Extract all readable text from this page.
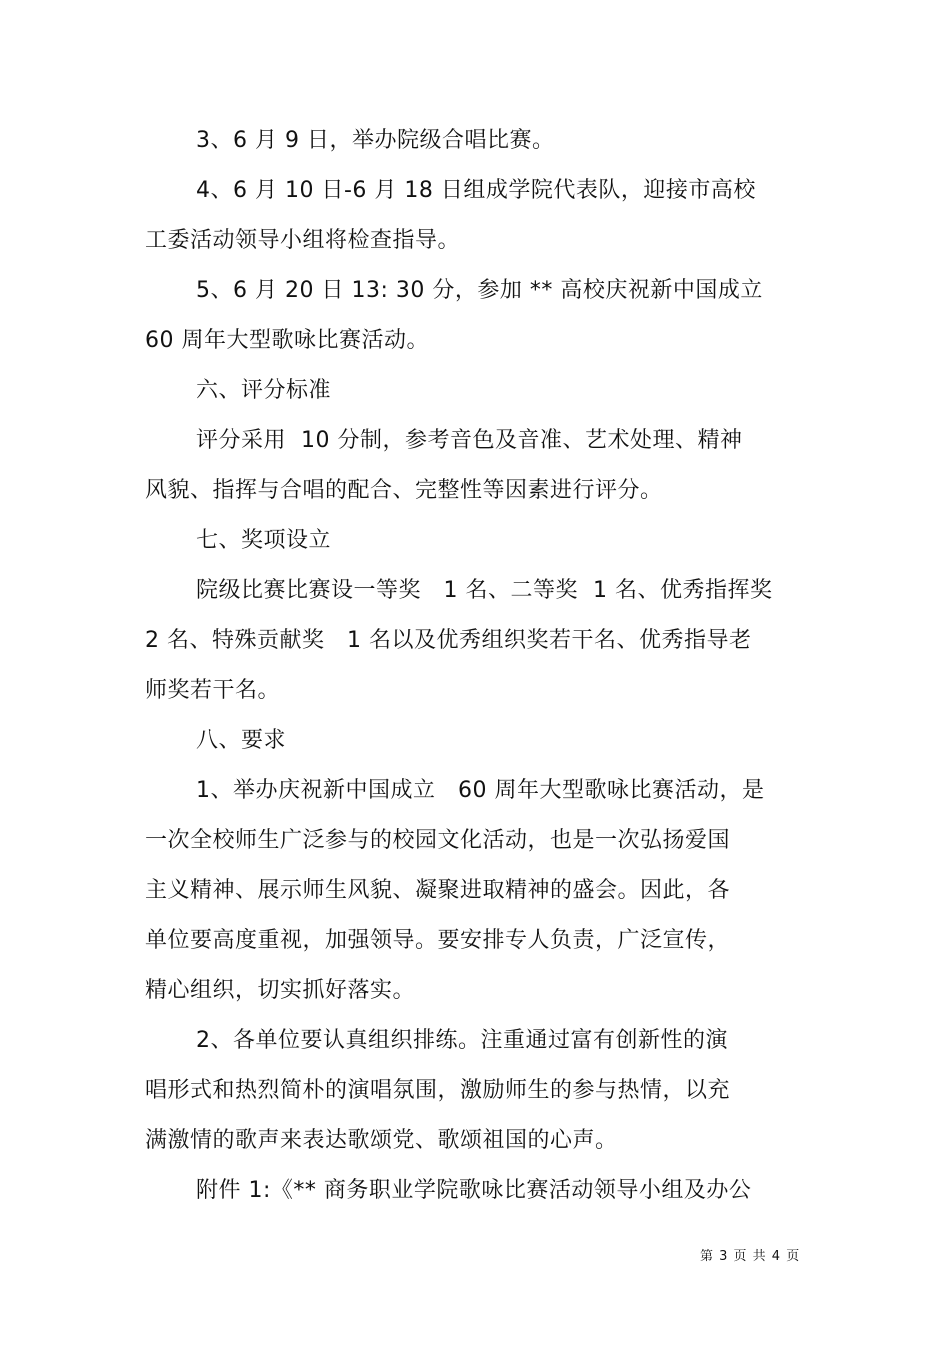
3、6 月 9 日，举办院级合唱比赛。
4、6 月 10 日-6 月 18 日组成学院代表队，迎接市高校
工委活动领导小组将检查指导。
5、6 月 20 日 13: 30 分，参加 ** 高校庆祝新中国成立
60 周年大型歌咏比赛活动。
六、评分标准
评分采用  10 分制，参考音色及音准、艺术处理、精神
风貌、指挥与合唱的配合、完整性等因素进行评分。
七、奖项设立
院级比赛比赛设一等奖   1 名、二等奖  1 名、优秀指挥奖
2 名、特殊贡献奖   1 名以及优秀组织奖若干名、优秀指导老
师奖若干名。
八、要求
1、举办庆祝新中国成立   60 周年大型歌咏比赛活动，是
一次全校师生广泛参与的校园文化活动，也是一次弘扬爱国
主义精神、展示师生风貌、凝聚进取精神的盛会。因此，各
单位要高度重视，加强领导。要安排专人负责，广泛宣传，
精心组织，切实抓好落实。
2、各单位要认真组织排练。注重通过富有创新性的演
唱形式和热烈简朴的演唱氛围，激励师生的参与热情，以充
满激情的歌声来表达歌颂党、歌颂祖国的心声。
附件 1:《** 商务职业学院歌咏比赛活动领导小组及办公
第 3 页 共 4 页
